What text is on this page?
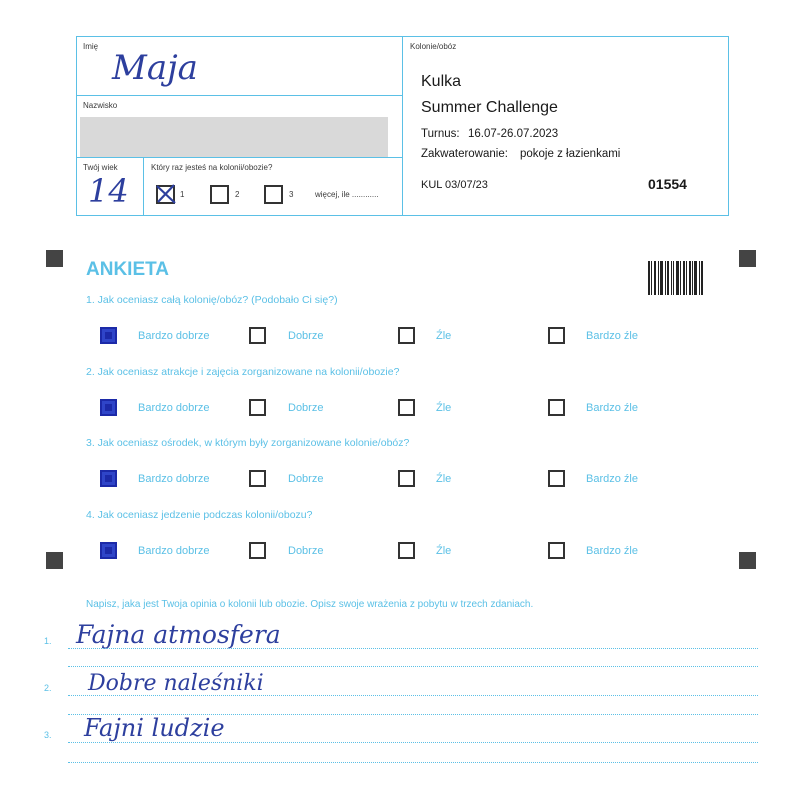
Imię
Maja
Nazwisko
Twój wiek
14
Który raz jesteś na kolonii/obozie?
1	2	3	więcej, ile ............
Kolonie/obóz
Kulka
Summer Challenge
Turnus: 16.07-26.07.2023
Zakwaterowanie: pokoje z łazienkami
KUL 03/07/23	01554
ANKIETA
1. Jak oceniasz całą kolonię/obóz? (Podobało Ci się?)
Bardzo dobrze	Dobrze	Źle	Bardzo źle
2. Jak oceniasz atrakcje i zajęcia zorganizowane na kolonii/obozie?
Bardzo dobrze	Dobrze	Źle	Bardzo źle
3. Jak oceniasz ośrodek, w którym były zorganizowane kolonie/obóz?
Bardzo dobrze	Dobrze	Źle	Bardzo źle
4. Jak oceniasz jedzenie podczas kolonii/obozu?
Bardzo dobrze	Dobrze	Źle	Bardzo źle
Napisz, jaka jest Twoja opinia o kolonii lub obozie. Opisz swoje wrażenia z pobytu w trzech zdaniach.
1. Fajna atmosfera
2. Dobre naleśniki
3. Fajni ludzie
